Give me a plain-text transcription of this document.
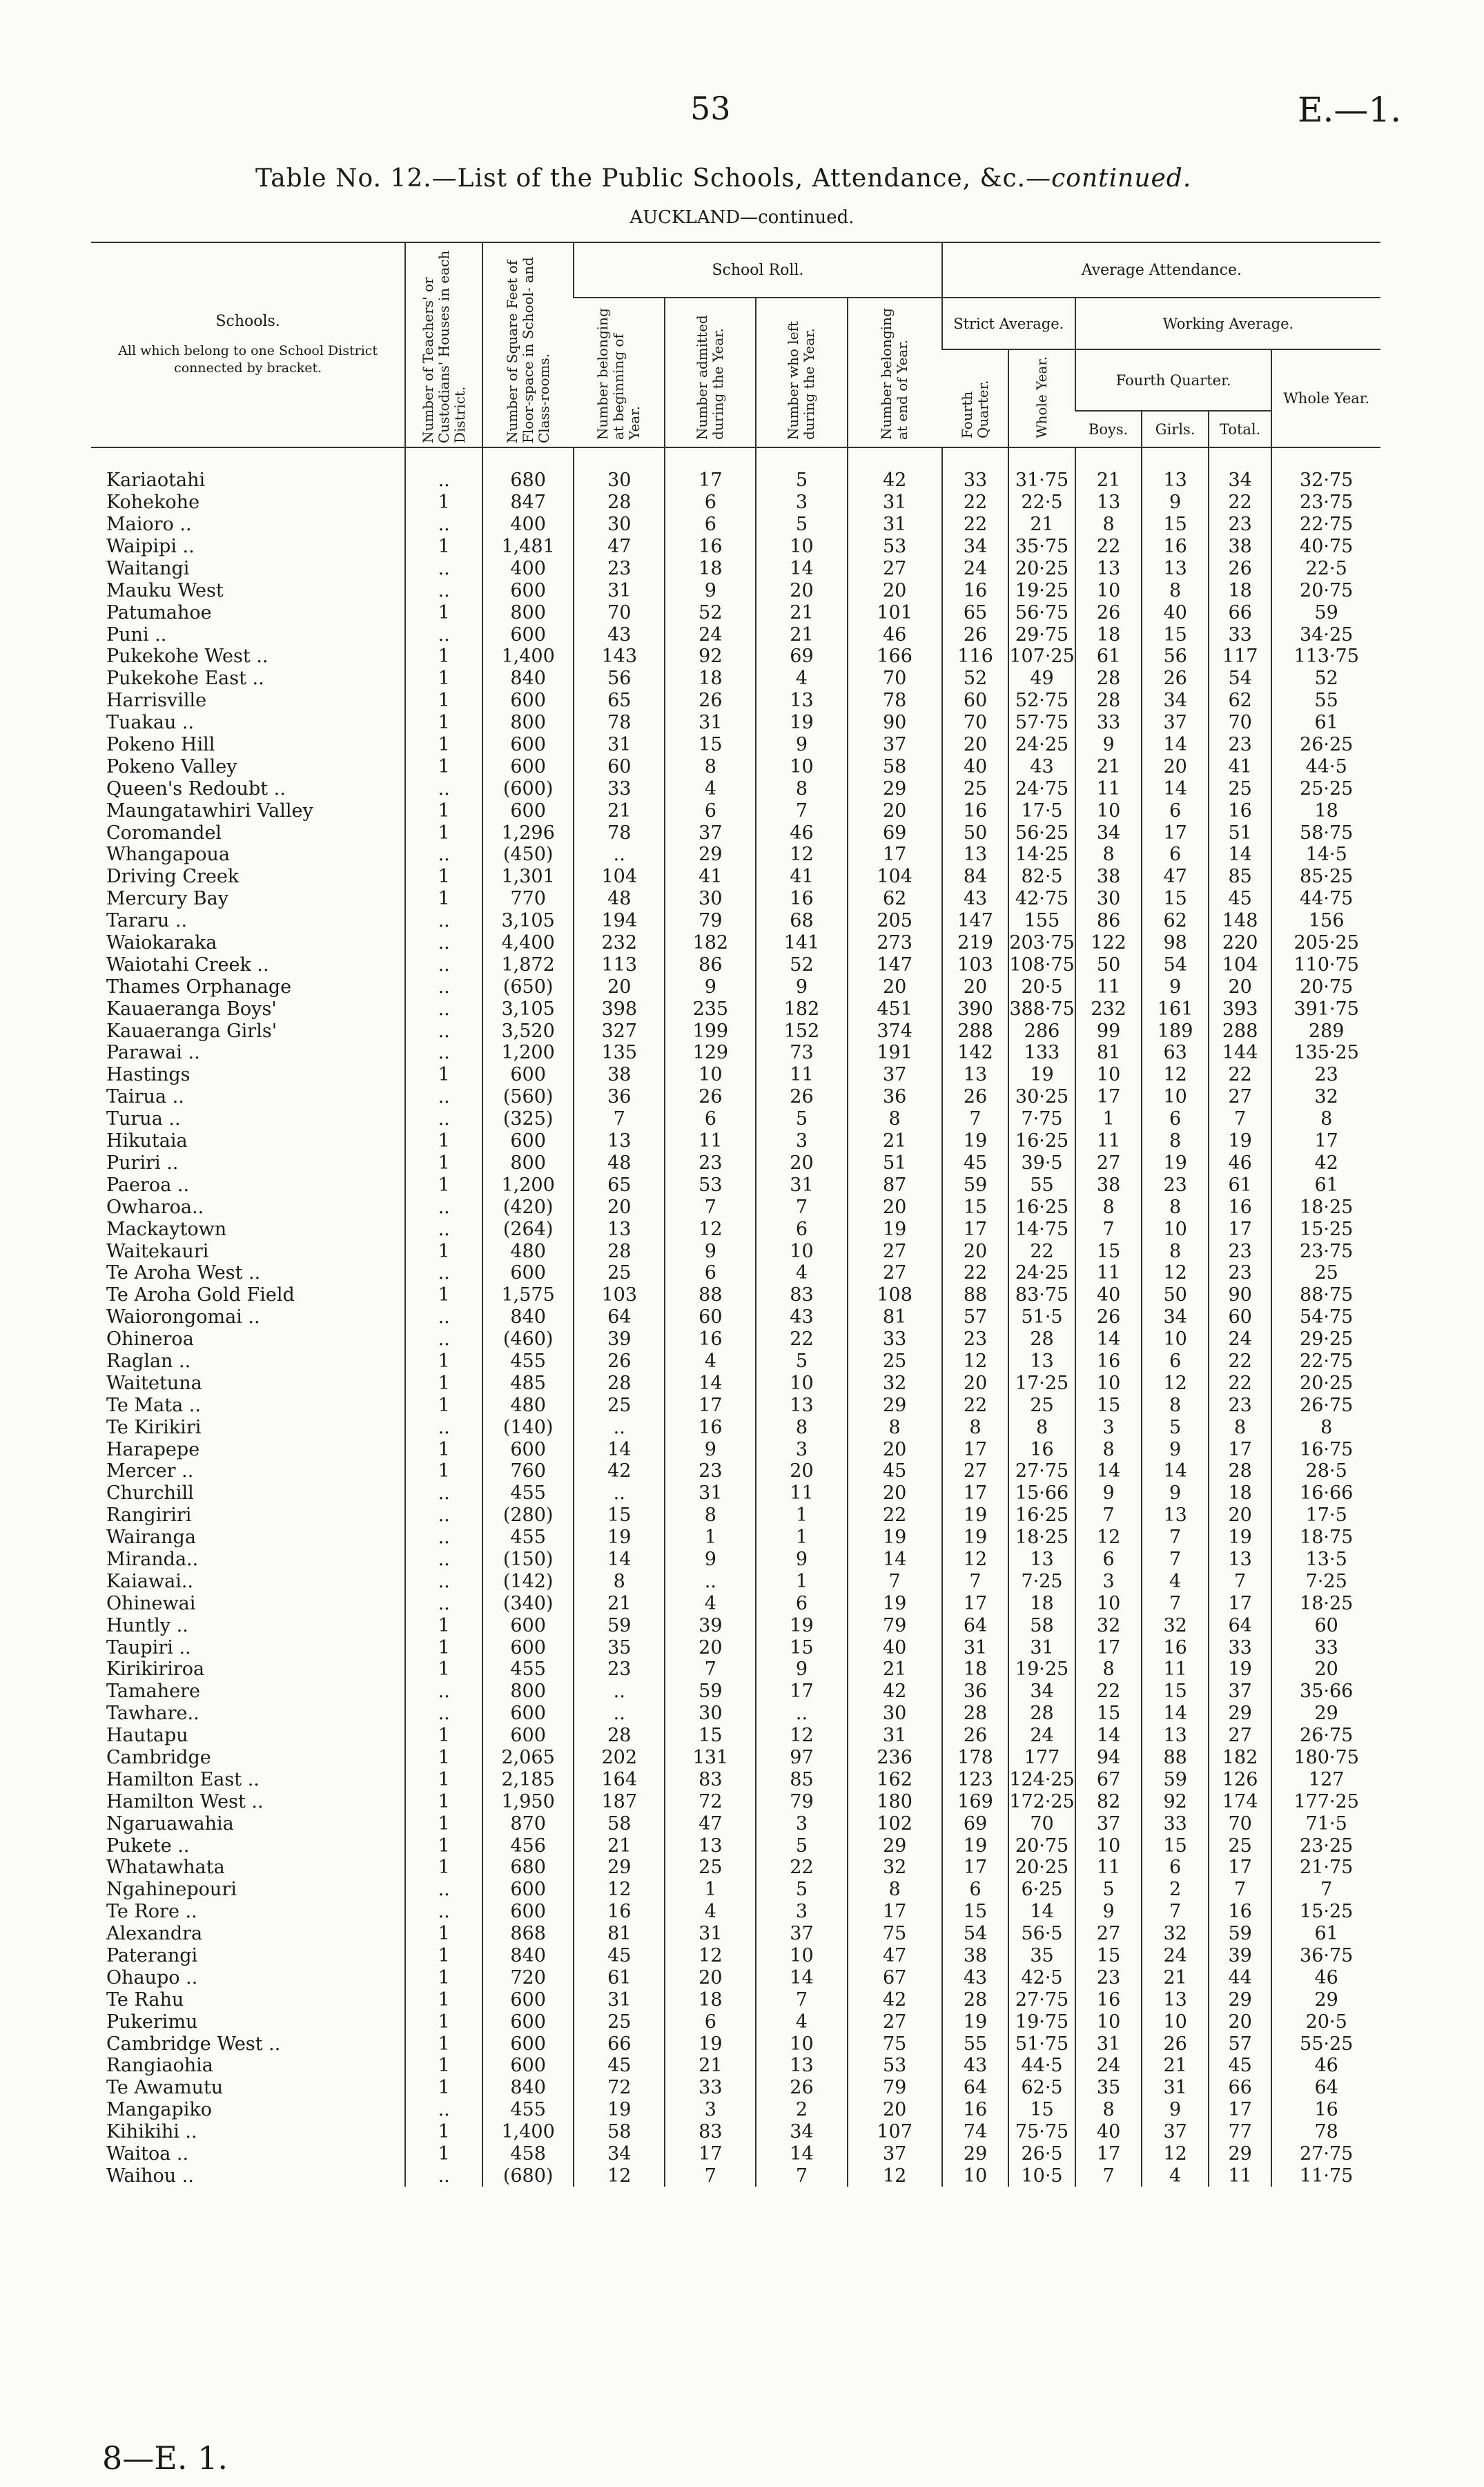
53	E.—1.
Table No. 12.—List of the Public Schools, Attendance, &c.—continued.
AUCKLAND—continued.
Schools.
All which belong to one School District connected by bracket.	Number of Teachers' or Custodians' Houses in each District.	Number of Square Feet of Floor-space in School- and Class-rooms.	School Roll.				Average Attendance.					
			Number belonging at beginning of Year.	Number admitted during the Year.	Number who left during the Year.	Number belonging at end of Year.	Strict Average.		Working Average.			
							Fourth Quarter.	Whole Year.	Fourth Quarter.			Whole Year.
									Boys.	Girls.	Total.	

Kariaotahi	..	680	30	17	5	42	33	31·75	21	13	34	32·75
Kohekohe	1	847	28	6	3	31	22	22·5	13	9	22	23·75
Maioro ..	..	400	30	6	5	31	22	21	8	15	23	22·75
Waipipi ..	1	1,481	47	16	10	53	34	35·75	22	16	38	40·75
Waitangi	..	400	23	18	14	27	24	20·25	13	13	26	22·5
Mauku West	..	600	31	9	20	20	16	19·25	10	8	18	20·75
Patumahoe	1	800	70	52	21	101	65	56·75	26	40	66	59
Puni ..	..	600	43	24	21	46	26	29·75	18	15	33	34·25
Pukekohe West ..	1	1,400	143	92	69	166	116	107·25	61	56	117	113·75
Pukekohe East ..	1	840	56	18	4	70	52	49	28	26	54	52
Harrisville	1	600	65	26	13	78	60	52·75	28	34	62	55
Tuakau ..	1	800	78	31	19	90	70	57·75	33	37	70	61
Pokeno Hill	1	600	31	15	9	37	20	24·25	9	14	23	26·25
Pokeno Valley	1	600	60	8	10	58	40	43	21	20	41	44·5
Queen's Redoubt ..	..	(600)	33	4	8	29	25	24·75	11	14	25	25·25
Maungatawhiri Valley	1	600	21	6	7	20	16	17·5	10	6	16	18
Coromandel	1	1,296	78	37	46	69	50	56·25	34	17	51	58·75
Whangapoua	..	(450)	..	29	12	17	13	14·25	8	6	14	14·5
Driving Creek	1	1,301	104	41	41	104	84	82·5	38	47	85	85·25
Mercury Bay	1	770	48	30	16	62	43	42·75	30	15	45	44·75
Tararu ..	..	3,105	194	79	68	205	147	155	86	62	148	156
Waiokaraka	..	4,400	232	182	141	273	219	203·75	122	98	220	205·25
Waiotahi Creek ..	..	1,872	113	86	52	147	103	108·75	50	54	104	110·75
Thames Orphanage	..	(650)	20	9	9	20	20	20·5	11	9	20	20·75
Kauaeranga Boys'	..	3,105	398	235	182	451	390	388·75	232	161	393	391·75
Kauaeranga Girls'	..	3,520	327	199	152	374	288	286	99	189	288	289
Parawai ..	..	1,200	135	129	73	191	142	133	81	63	144	135·25
Hastings	1	600	38	10	11	37	13	19	10	12	22	23
Tairua ..	..	(560)	36	26	26	36	26	30·25	17	10	27	32
Turua ..	..	(325)	7	6	5	8	7	7·75	1	6	7	8
Hikutaia	1	600	13	11	3	21	19	16·25	11	8	19	17
Puriri ..	1	800	48	23	20	51	45	39·5	27	19	46	42
Paeroa ..	1	1,200	65	53	31	87	59	55	38	23	61	61
Owharoa..	..	(420)	20	7	7	20	15	16·25	8	8	16	18·25
Mackaytown	..	(264)	13	12	6	19	17	14·75	7	10	17	15·25
Waitekauri	1	480	28	9	10	27	20	22	15	8	23	23·75
Te Aroha West ..	..	600	25	6	4	27	22	24·25	11	12	23	25
Te Aroha Gold Field	1	1,575	103	88	83	108	88	83·75	40	50	90	88·75
Waiorongomai ..	..	840	64	60	43	81	57	51·5	26	34	60	54·75
Ohineroa	..	(460)	39	16	22	33	23	28	14	10	24	29·25
Raglan ..	1	455	26	4	5	25	12	13	16	6	22	22·75
Waitetuna	1	485	28	14	10	32	20	17·25	10	12	22	20·25
Te Mata ..	1	480	25	17	13	29	22	25	15	8	23	26·75
Te Kirikiri	..	(140)	..	16	8	8	8	8	3	5	8	8
Harapepe	1	600	14	9	3	20	17	16	8	9	17	16·75
Mercer ..	1	760	42	23	20	45	27	27·75	14	14	28	28·5
Churchill	..	455	..	31	11	20	17	15·66	9	9	18	16·66
Rangiriri	..	(280)	15	8	1	22	19	16·25	7	13	20	17·5
Wairanga	..	455	19	1	1	19	19	18·25	12	7	19	18·75
Miranda..	..	(150)	14	9	9	14	12	13	6	7	13	13·5
Kaiawai..	..	(142)	8	..	1	7	7	7·25	3	4	7	7·25
Ohinewai	..	(340)	21	4	6	19	17	18	10	7	17	18·25
Huntly ..	1	600	59	39	19	79	64	58	32	32	64	60
Taupiri ..	1	600	35	20	15	40	31	31	17	16	33	33
Kirikiriroa	1	455	23	7	9	21	18	19·25	8	11	19	20
Tamahere	..	800	..	59	17	42	36	34	22	15	37	35·66
Tawhare..	..	600	..	30	..	30	28	28	15	14	29	29
Hautapu	1	600	28	15	12	31	26	24	14	13	27	26·75
Cambridge	1	2,065	202	131	97	236	178	177	94	88	182	180·75
Hamilton East ..	1	2,185	164	83	85	162	123	124·25	67	59	126	127
Hamilton West ..	1	1,950	187	72	79	180	169	172·25	82	92	174	177·25
Ngaruawahia	1	870	58	47	3	102	69	70	37	33	70	71·5
Pukete ..	1	456	21	13	5	29	19	20·75	10	15	25	23·25
Whatawhata	1	680	29	25	22	32	17	20·25	11	6	17	21·75
Ngahinepouri	..	600	12	1	5	8	6	6·25	5	2	7	7
Te Rore ..	..	600	16	4	3	17	15	14	9	7	16	15·25
Alexandra	1	868	81	31	37	75	54	56·5	27	32	59	61
Paterangi	1	840	45	12	10	47	38	35	15	24	39	36·75
Ohaupo ..	1	720	61	20	14	67	43	42·5	23	21	44	46
Te Rahu	1	600	31	18	7	42	28	27·75	16	13	29	29
Pukerimu	1	600	25	6	4	27	19	19·75	10	10	20	20·5
Cambridge West ..	1	600	66	19	10	75	55	51·75	31	26	57	55·25
Rangiaohia	1	600	45	21	13	53	43	44·5	24	21	45	46
Te Awamutu	1	840	72	33	26	79	64	62·5	35	31	66	64
Mangapiko	..	455	19	3	2	20	16	15	8	9	17	16
Kihikihi ..	1	1,400	58	83	34	107	74	75·75	40	37	77	78
Waitoa ..	1	458	34	17	14	37	29	26·5	17	12	29	27·75
Waihou ..	..	(680)	12	7	7	12	10	10·5	7	4	11	11·75
8—E. 1.
